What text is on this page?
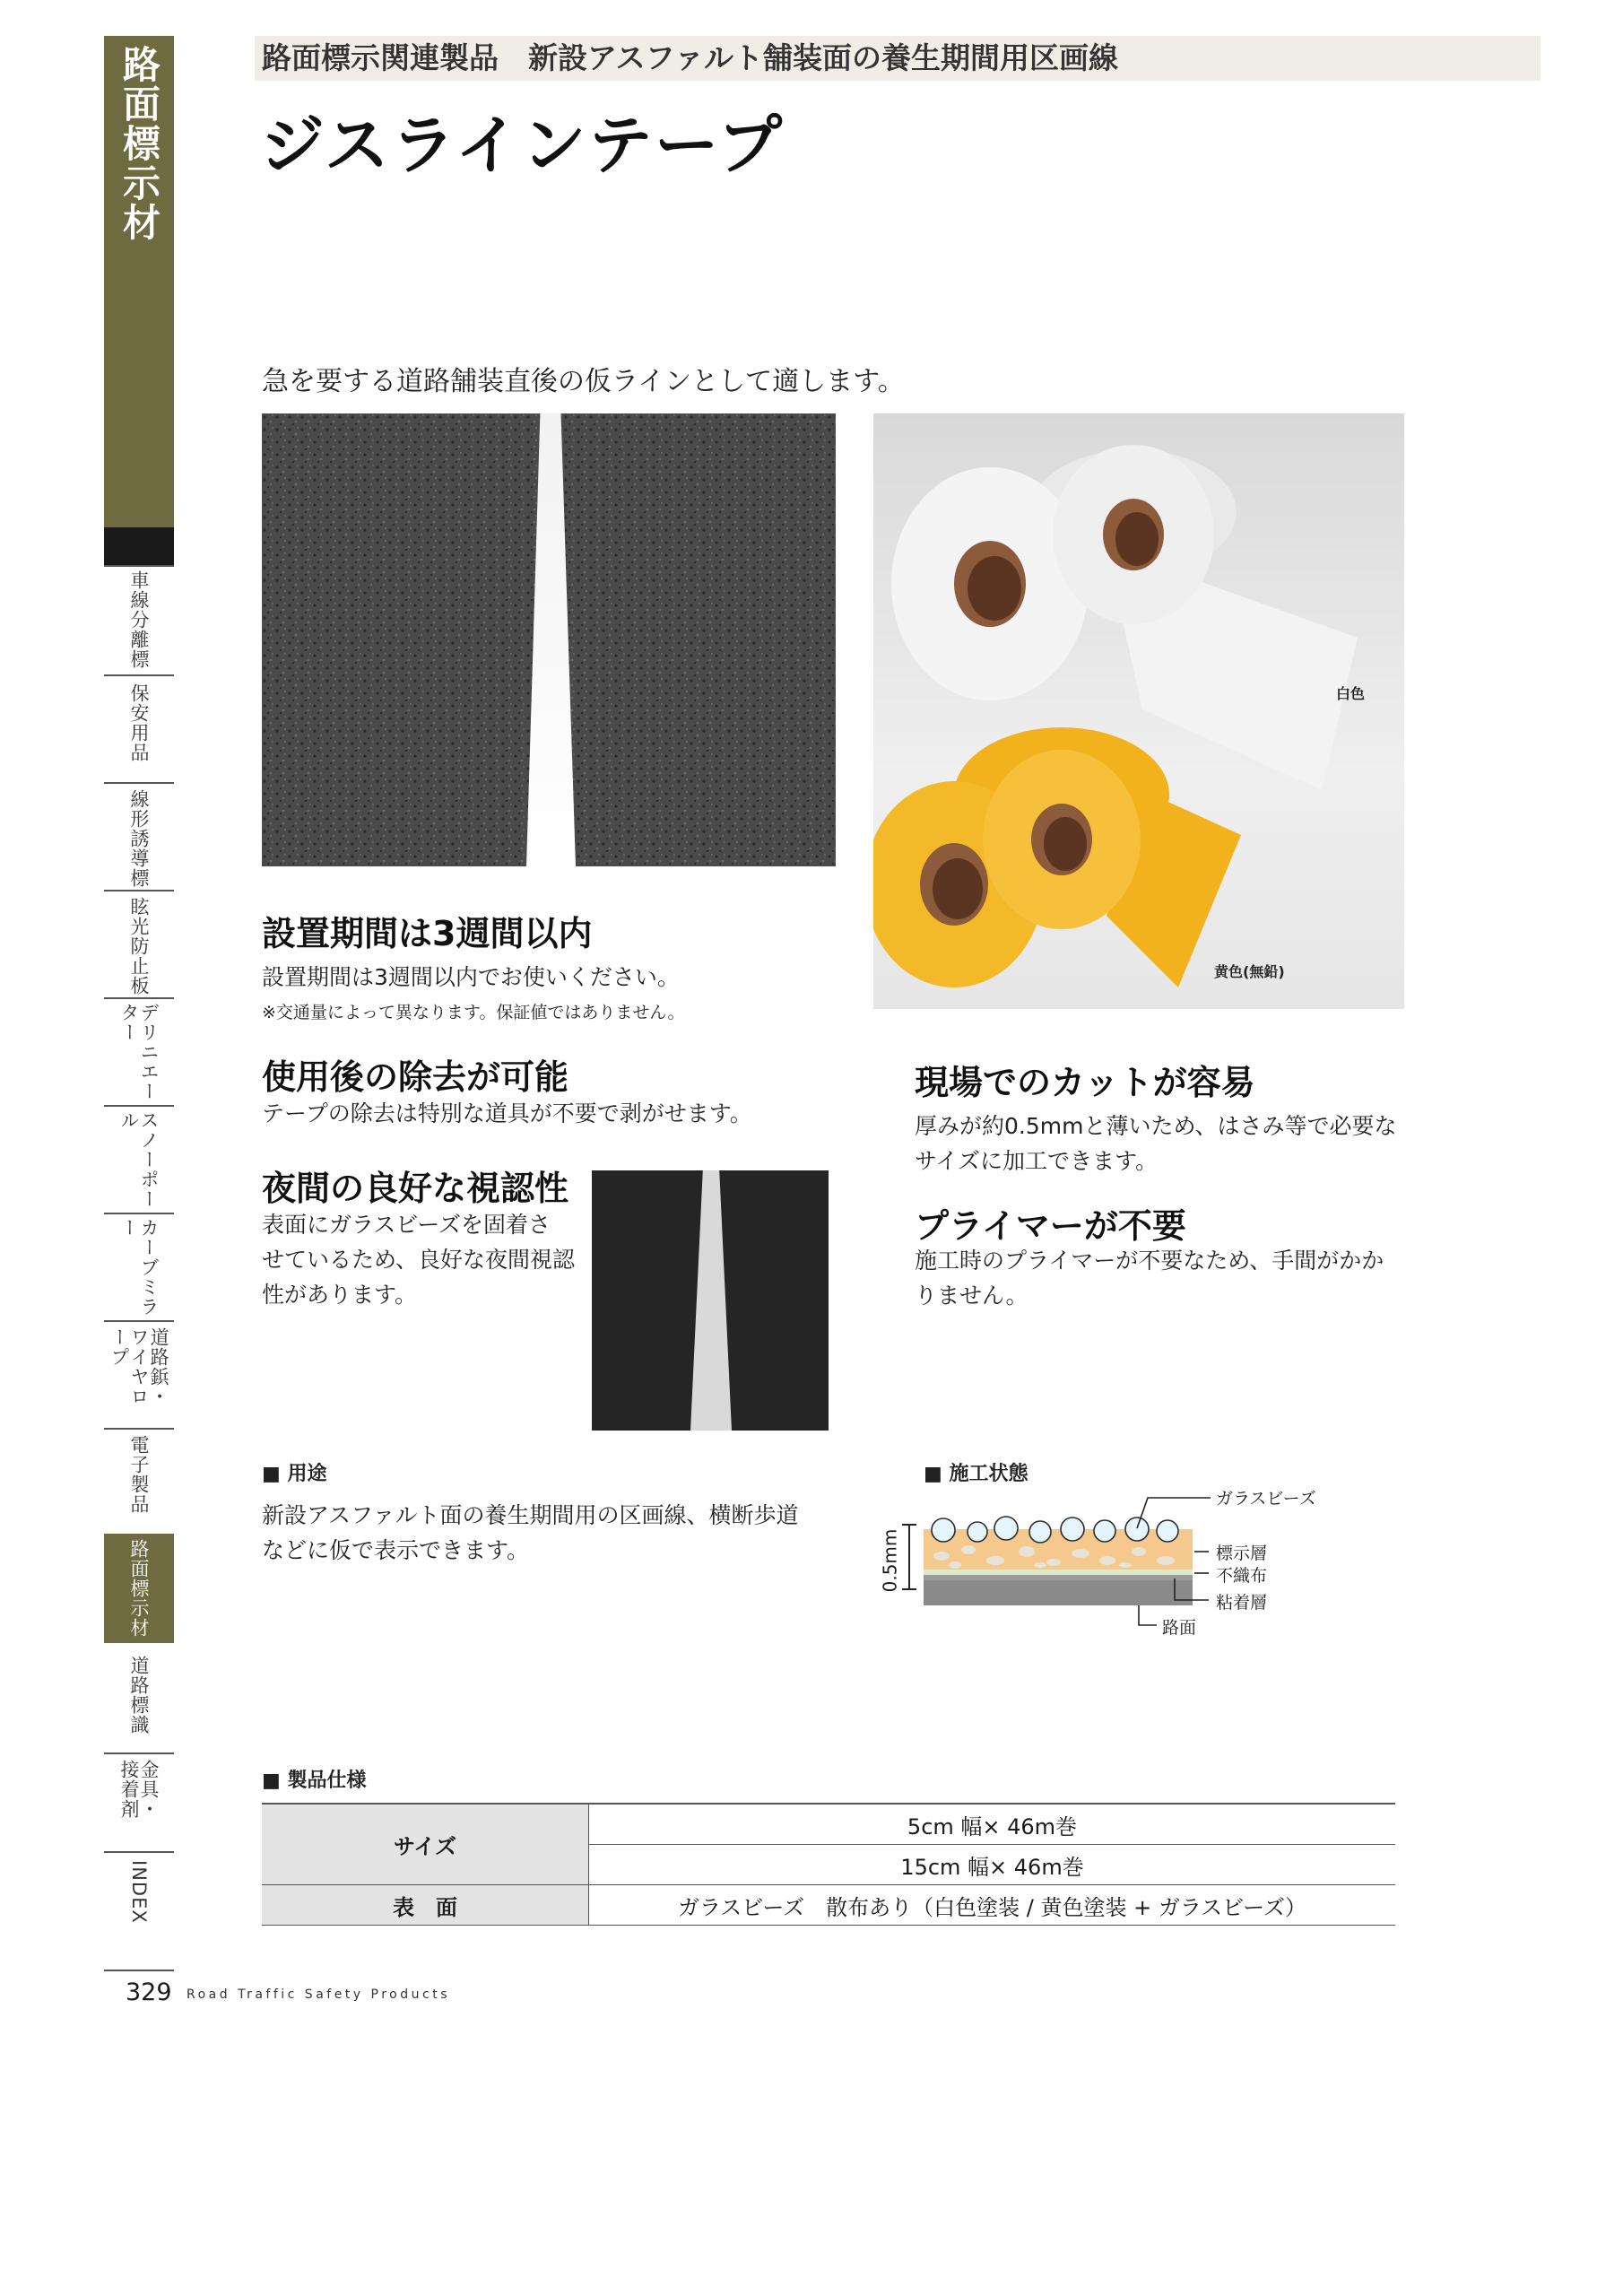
路面標示材
車線分離標
保安用品
線形誘導標
眩光防止板
デリニエーター
スノーポール
カーブミラー
道路鋲・ワイヤロープ
電子製品
路面標示材
道路標識
金具・接着剤
INDEX
329 Road Traffic Safety Products
路面標示関連製品　新設アスファルト舗装面の養生期間用区画線
ジスラインテープ
急を要する道路舗装直後の仮ラインとして適します。
白色
黄色(無鉛)
設置期間は3週間以内
設置期間は3週間以内でお使いください。
※交通量によって異なります。保証値ではありません。
使用後の除去が可能
テープの除去は特別な道具が不要で剥がせます。
夜間の良好な視認性
表面にガラスビーズを固着さ
せているため、良好な夜間視認
性があります。
現場でのカットが容易
厚みが約0.5mmと薄いため、はさみ等で必要な
サイズに加工できます。
プライマーが不要
施工時のプライマーが不要なため、手間がかか
りません。
■ 用途
新設アスファルト面の養生期間用の区画線、横断歩道
などに仮で表示できます。
■ 施工状態
0.5mm
ガラスビーズ
標示層
不織布
粘着層
路面
■ 製品仕様
サイズ	5cm 幅× 46m巻
	15cm 幅× 46m巻
表　面	ガラスビーズ　散布あり（白色塗装 / 黄色塗装 + ガラスビーズ）
